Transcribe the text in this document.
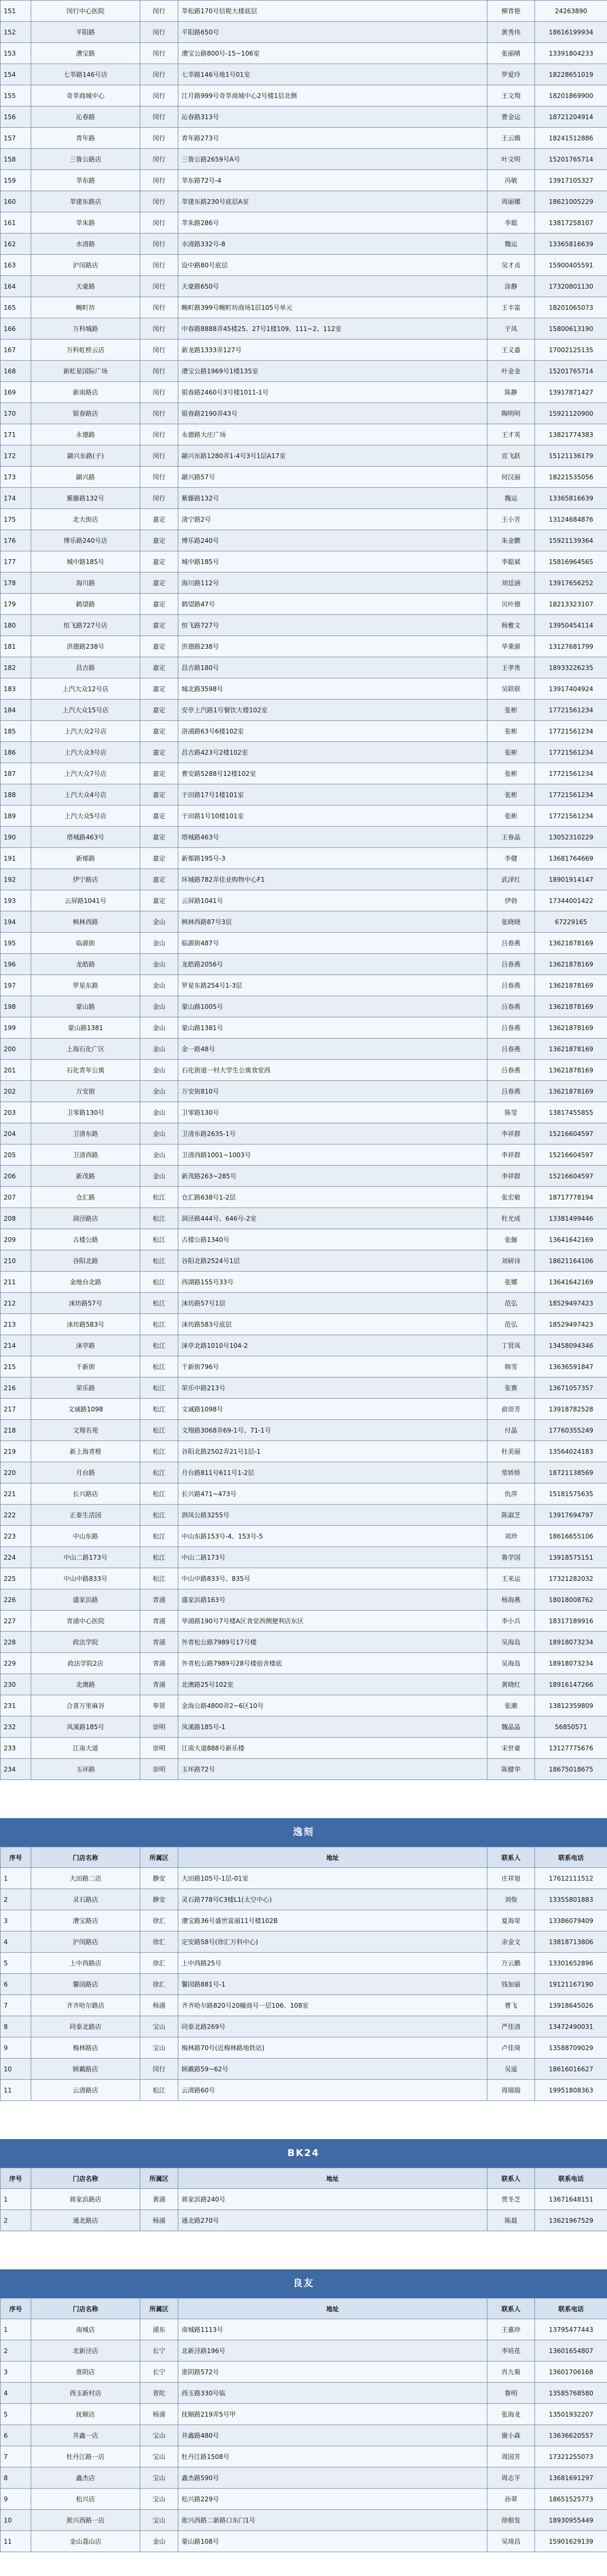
151	闵行中心医院	闵行	莘松路170号信税大楼底层	柳青艳	24263890
152	平阳路	闵行	平阳路650号	黄秀伟	18616199934
153	漕宝路	闵行	漕宝公路800号-15~106室	张丽晴	13391804233
154	七莘路146号店	闵行	七莘路146号地1号01室	罗爱玲	18228651019
155	奇莘商城中心	闵行	江月路999号奇莘商城中心2号楼1层北侧	王文翔	18201869900
156	沁春路	闵行	沁春路313号	曹金运	18721204914
157	青年路	闵行	青年路273号	王云娥	18241512886
158	三鲁公路店	闵行	三鲁公路2659号A号	叶文明	15201765714
159	莘东路	闵行	莘东路72号-4	冯敏	13917105327
160	莘建东路店	闵行	莘建东路230号底层A室	周丽娜	18621005229
161	莘朱路	闵行	莘朱路286号	李聪	13817258107
162	水清路	闵行	水清路332号-8	魏运	13365816639
163	沪闵路店	闵行	设中路80号底层	吴才贞	15900405591
164	天豪路	闵行	天豪路650号	涂静	17320801130
165	畹町坊	闵行	畹町路399号畹町坊商场1层105号单元	王丰富	18201065073
166	万科城路	闵行	中春路8888弄45楼25、27号1楼109、111~2、112室	于凤	15800613190
167	万科虹桥云店	闵行	新龙路1333弄127号	王义嘉	17002125135
168	新虹星国际广场	闵行	漕宝公路1969号1楼135室	叶金金	15201765714
169	新南路店	闵行	银春路2460号3号楼1011-1号	陈静	13917871427
170	银春路店	闵行	银春路2190弄43号	陶明明	15921120900
171	永德路	闵行	永德路大庄广场	王才英	13821774383
172	颛兴东路(子)	闵行	颛兴东路1280弄1-4号3号1层A17室	宣飞跃	15121136179
173	颛兴路	闵行	颛兴路57号	何汉丽	18221535056
174	紫藤路132号	闵行	紫藤路132号	魏运	13365816639
175	北大街店	嘉定	清宁路2号	王小芳	13124684876
176	博乐路240号店	嘉定	博乐路240号	朱金鹏	15921139364
177	城中路185号	嘉定	城中路185号	李聪斌	15816964565
178	海川路	嘉定	海川路112号	刘廷涵	13917656252
179	鹤望路	嘉定	鹤望路47号	贝叶德	18213323107
180	恒飞路727号店	嘉定	恒飞路727号	杨雅文	13950454114
181	洪德路238号	嘉定	洪德路238号	华秉源	13127681799
182	昌吉路	嘉定	昌吉路180号	王孝贵	18933226235
183	上汽大众12号店	嘉定	城北路3598号	吴联联	13917404924
184	上汽大众15号店	嘉定	安亭上汽路1号餐饮大楼102室	张彬	17721561234
185	上汽大众2号店	嘉定	洛浦路63号6楼102室	张彬	17721561234
186	上汽大众3号店	嘉定	昌吉路423号2楼102室	张彬	17721561234
187	上汽大众7号店	嘉定	曹安路5288号12楼102室	张彬	17721561234
188	上汽大众4号店	嘉定	于田路17号1楼101室	张彬	17721561234
189	上汽大众5号店	嘉定	于田路1号10楼101室	张彬	17721561234
190	塔城路463号	嘉定	塔城路463号	王春晶	13052310229
191	新郁路	嘉定	新郁路195号-3	李健	13681764669
192	伊宁路店	嘉定	环城路782弄佳业购物中心F1	武泽红	18901914147
193	云屏路1041号	嘉定	云屏路1041号	伊勃	17344001422
194	枫林西路	金山	枫林西路87号3层	张晓晓	67229165
195	临源街	金山	临源街487号	吕春燕	13621878169
196	龙皓路	金山	龙皓路2056号	吕春燕	13621878169
197	罗星东路	金山	罗星东路254号1-3层	吕春燕	13621878169
198	蒙山路	金山	蒙山路1005号	吕春燕	13621878169
199	蒙山路1381	金山	蒙山路1381号	吕春燕	13621878169
200	上海石化广区	金山	金一路48号	吕春燕	13621878169
201	石化青年公寓	金山	石化街道一村大学生公寓食堂西	吕春燕	13621878169
202	万安街	金山	万安街810号	吕春燕	13621878169
203	卫零路130号	金山	卫零路130号	陈莹	13817455855
204	卫清东路	金山	卫清东路2635-1号	李祥群	15216604597
205	卫清西路	金山	卫清西路1001~1003号	李祥群	15216604597
206	新茂路	金山	新茂路263~285号	李祥群	15216604597
207	仓汇路	松江	仓汇路638号1-2层	张宏敏	18717778194
208	洞泾路店	松江	洞泾路444号、646号-2室	杜光成	13381499446
209	古楼公路	松江	古楼公路1340号	张俪	13641642169
210	谷阳北路	松江	谷阳北路2524号1层	刘研诗	18621164106
211	金地台北路	松江	西湖路155号33号	张娜	13641642169
212	涞坊路57号	松江	涞坊路57号1层	范弘	18529497423
213	涞坊路583号	松江	涞坊路583号底层	范弘	18529497423
214	涞亭路	松江	涞亭北路1010号104-2	丁贤凤	13458094346
215	千新街	松江	千新街796号	韩雪	13636591847
216	荣乐路	松江	荣乐中路213号	张赛	13671057357
217	文诚路1098	松江	文诚路1098号	俞崇芳	13918782528
218	文翔名苑	松江	文翔路3068弄69-1号、71-1号	付晶	17760355249
219	新上海青橙	松江	谷阳北路2502弄21号1层-1	杜美丽	13564024183
220	月台路	松江	月台路811号611号1-2层	常娇娇	18721138569
221	长兴路店	松江	长兴路471~473号	仇萍	15181575635
222	正泰生活园	松江	泗凤公路3255号	陈淑芝	13917694797
223	中山东路	松江	中山东路153号-4、153号-5	刘珍	18616655106
224	中山二路173号	松江	中山二路173号	鲁学国	13918575151
225	中山中路833号	松江	中山中路833号、835号	王来运	17321282032
226	盛家浜路	青浦	盛家浜路163号	杨海燕	18018008762
227	青浦中心医院	青浦	华浦路190号7号楼A区食堂西侧便利店东区	李小兵	18317189916
228	政法学院	青浦	外青松公路7989号17号楼	吴海岛	18918073234
229	政法学院2店	青浦	外青松公路7989号28号楼宿舍楼底	吴海岛	18918073234
230	北澳路	青浦	北澳路25号102室	黄晓红	18916147266
231	合喜万里麻谷	奉贤	金海公路4800弄2~6区10号	张潮	13812359809
232	凤溪路185号	崇明	凤溪路185号-1	魏晶晶	56850571
233	江南大道	崇明	江南大道888号新乐楼	宋世豪	13127775676
234	玉环路	崇明	玉环路72号	陈健华	18675018675
逸刻
序号	门店名称	所属区	地址	联系人	联系电话
1	大田路二店	静安	大田路105号-1层-01室	庄祥旭	17612111512
2	灵石路店	静安	灵石路778号C3楼L1(太空中心)	刘俊	13355801883
3	漕宝路店	徐汇	漕宝路36号盛世富丽11号楼102B	夏海荣	13386079409
4	沪闵路店	徐汇	定安路58号(徐汇万科中心)	余金文	13818713806
5	上中西路店	徐汇	上中西路25号	万云鹏	13301652896
6	馨园路店	徐汇	馨园路881号-1	钱加丽	19121167190
7	齐齐哈尔路店	杨浦	齐齐哈尔路820号20幢商号一层106、108室	曹飞	13918645026
8	同泰北路店	宝山	同泰北路269号	严佳清	13472490031
9	梅林路店	宝山	梅林路70号(近梅林路地铁站)	卢佳琦	13588709029
10	顾戴路店	闵行	顾戴路59~62号	吴遥	18616016627
11	云清路店	松江	云清路60号	周瑞瑞	19951808363
BK24
序号	门店名称	所属区	地址	联系人	联系电话
1	蒋家浜路店	黄浦	蒋家浜路240号	贾冬芝	13671648151
2	通北路店	杨浦	通北路270号	陈晨	13621967529
良友
序号	门店名称	所属区	地址	联系人	联系电话
1	南城店	浦东	南城路1113号	王惠珍	13795477443
2	北新泾店	长宁	北新泾路196号	李培花	13601654807
3	淮阴店	长宁	淮阴路572号	肖九菊	13601706168
4	西玉新村店	普陀	西玉路330号临	鲁明	13585768580
5	抚顺店	杨浦	抚顺路219弄5号甲	张海龙	13501932207
6	井鑫一店	宝山	井鑫路480号	谢小森	13636620557
7	牡丹江路一店	宝山	牡丹江路1508号	周国芳	17321255073
8	鑫杰店	宝山	鑫杰路590号	周志平	13681691297
9	松兴店	宝山	松兴路229号	孙翠	18651525773
10	淞兴西路一店	宝山	淞兴西路二新路口东门1号	徐根发	18930955449
11	金山荔山店	金山	蒙山路108号	吴琦昌	15901629139
